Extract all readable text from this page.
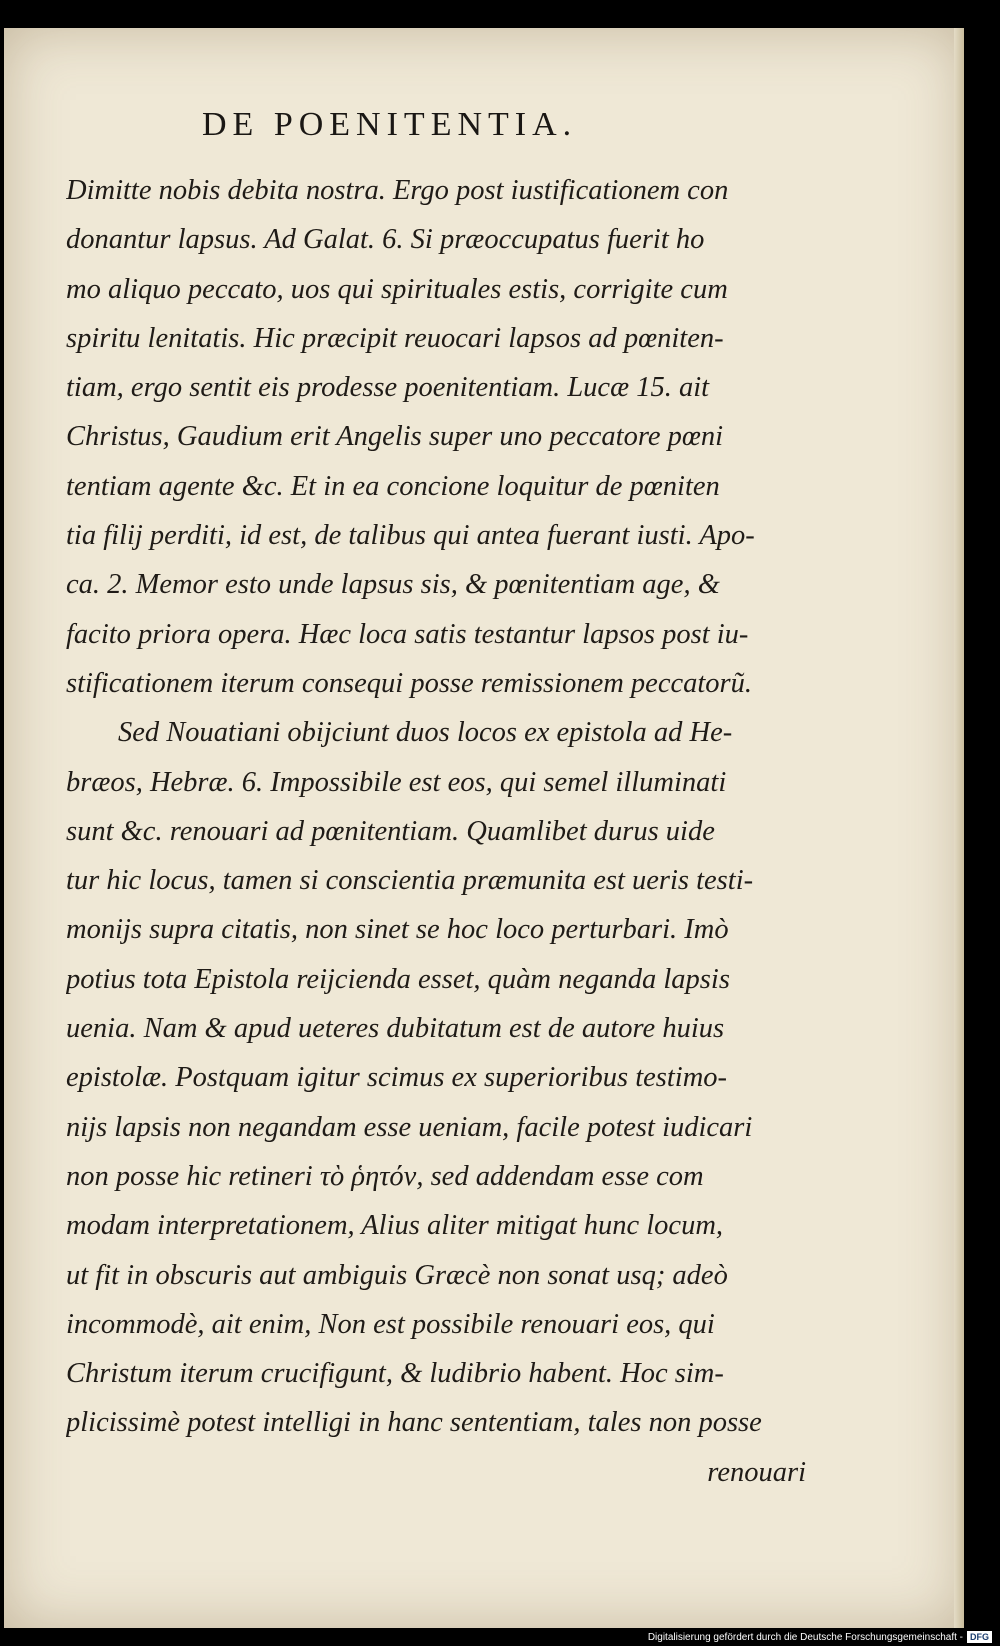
DE POENITENTIA.
Dimitte nobis debita nostra. Ergo post iustificationem con
donantur lapsus. Ad Galat. 6. Si præoccupatus fuerit ho
mo aliquo peccato, uos qui spirituales estis, corrigite cum
spiritu lenitatis. Hic præcipit reuocari lapsos ad pœniten-
tiam, ergo sentit eis prodesse poenitentiam. Lucæ 15. ait
Christus, Gaudium erit Angelis super uno peccatore pœni
tentiam agente &c. Et in ea concione loquitur de pœniten
tia filij perditi, id est, de talibus qui antea fuerant iusti. Apo-
ca. 2. Memor esto unde lapsus sis, & pœnitentiam age, &
facito priora opera. Hæc loca satis testantur lapsos post iu-
stificationem iterum consequi posse remissionem peccatorũ.
Sed Nouatiani obijciunt duos locos ex epistola ad He-
bræos, Hebræ. 6. Impossibile est eos, qui semel illuminati
sunt &c. renouari ad pœnitentiam. Quamlibet durus uide
tur hic locus, tamen si conscientia præmunita est ueris testi-
monijs supra citatis, non sinet se hoc loco perturbari. Imò
potius tota Epistola reijcienda esset, quàm neganda lapsis
uenia. Nam & apud ueteres dubitatum est de autore huius
epistolæ. Postquam igitur scimus ex superioribus testimo-
nijs lapsis non negandam esse ueniam, facile potest iudicari
non posse hic retineri τὸ ῥητόν, sed addendam esse com
modam interpretationem, Alius aliter mitigat hunc locum,
ut fit in obscuris aut ambiguis Græcè non sonat usq; adeò
incommodè, ait enim, Non est possibile renouari eos, qui
Christum iterum crucifigunt, & ludibrio habent. Hoc sim-
plicissimè potest intelligi in hanc sententiam, tales non posse
renouari
Digitalisierung gefördert durch die Deutsche Forschungsgemeinschaft - DFG
